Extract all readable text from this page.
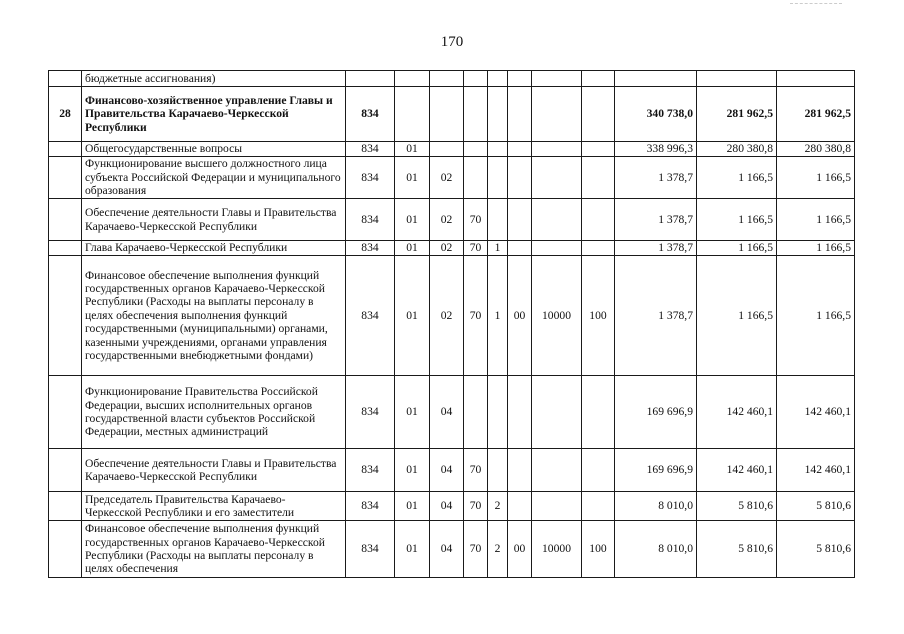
170
	бюджетные ассигнования)											
28	Финансово-хозяйственное управление Главы и Правительства Карачаево-Черкесской Республики	834								340 738,0	281 962,5	281 962,5
	Общегосударственные вопросы	834	01							338 996,3	280 380,8	280 380,8
	Функционирование высшего должностного лица субъекта Российской Федерации и муниципального образования	834	01	02						1 378,7	1 166,5	1 166,5
	Обеспечение деятельности Главы и Правительства Карачаево-Черкесской Республики	834	01	02	70					1 378,7	1 166,5	1 166,5
	Глава Карачаево-Черкесской Республики	834	01	02	70	1				1 378,7	1 166,5	1 166,5
	Финансовое обеспечение выполнения функций государственных органов Карачаево-Черкесской Республики (Расходы на выплаты персоналу в целях обеспечения выполнения функций государственными (муниципальными) органами, казенными учреждениями, органами управления государственными внебюджетными фондами)	834	01	02	70	1	00	10000	100	1 378,7	1 166,5	1 166,5
	Функционирование Правительства Российской Федерации, высших исполнительных органов государственной власти субъектов Российской Федерации, местных администраций	834	01	04						169 696,9	142 460,1	142 460,1
	Обеспечение деятельности Главы и Правительства Карачаево-Черкесской Республики	834	01	04	70					169 696,9	142 460,1	142 460,1
	Председатель Правительства Карачаево-Черкесской Республики и его заместители	834	01	04	70	2				8 010,0	5 810,6	5 810,6
	Финансовое обеспечение выполнения функций государственных органов Карачаево-Черкесской Республики (Расходы на выплаты персоналу в целях обеспечения	834	01	04	70	2	00	10000	100	8 010,0	5 810,6	5 810,6
